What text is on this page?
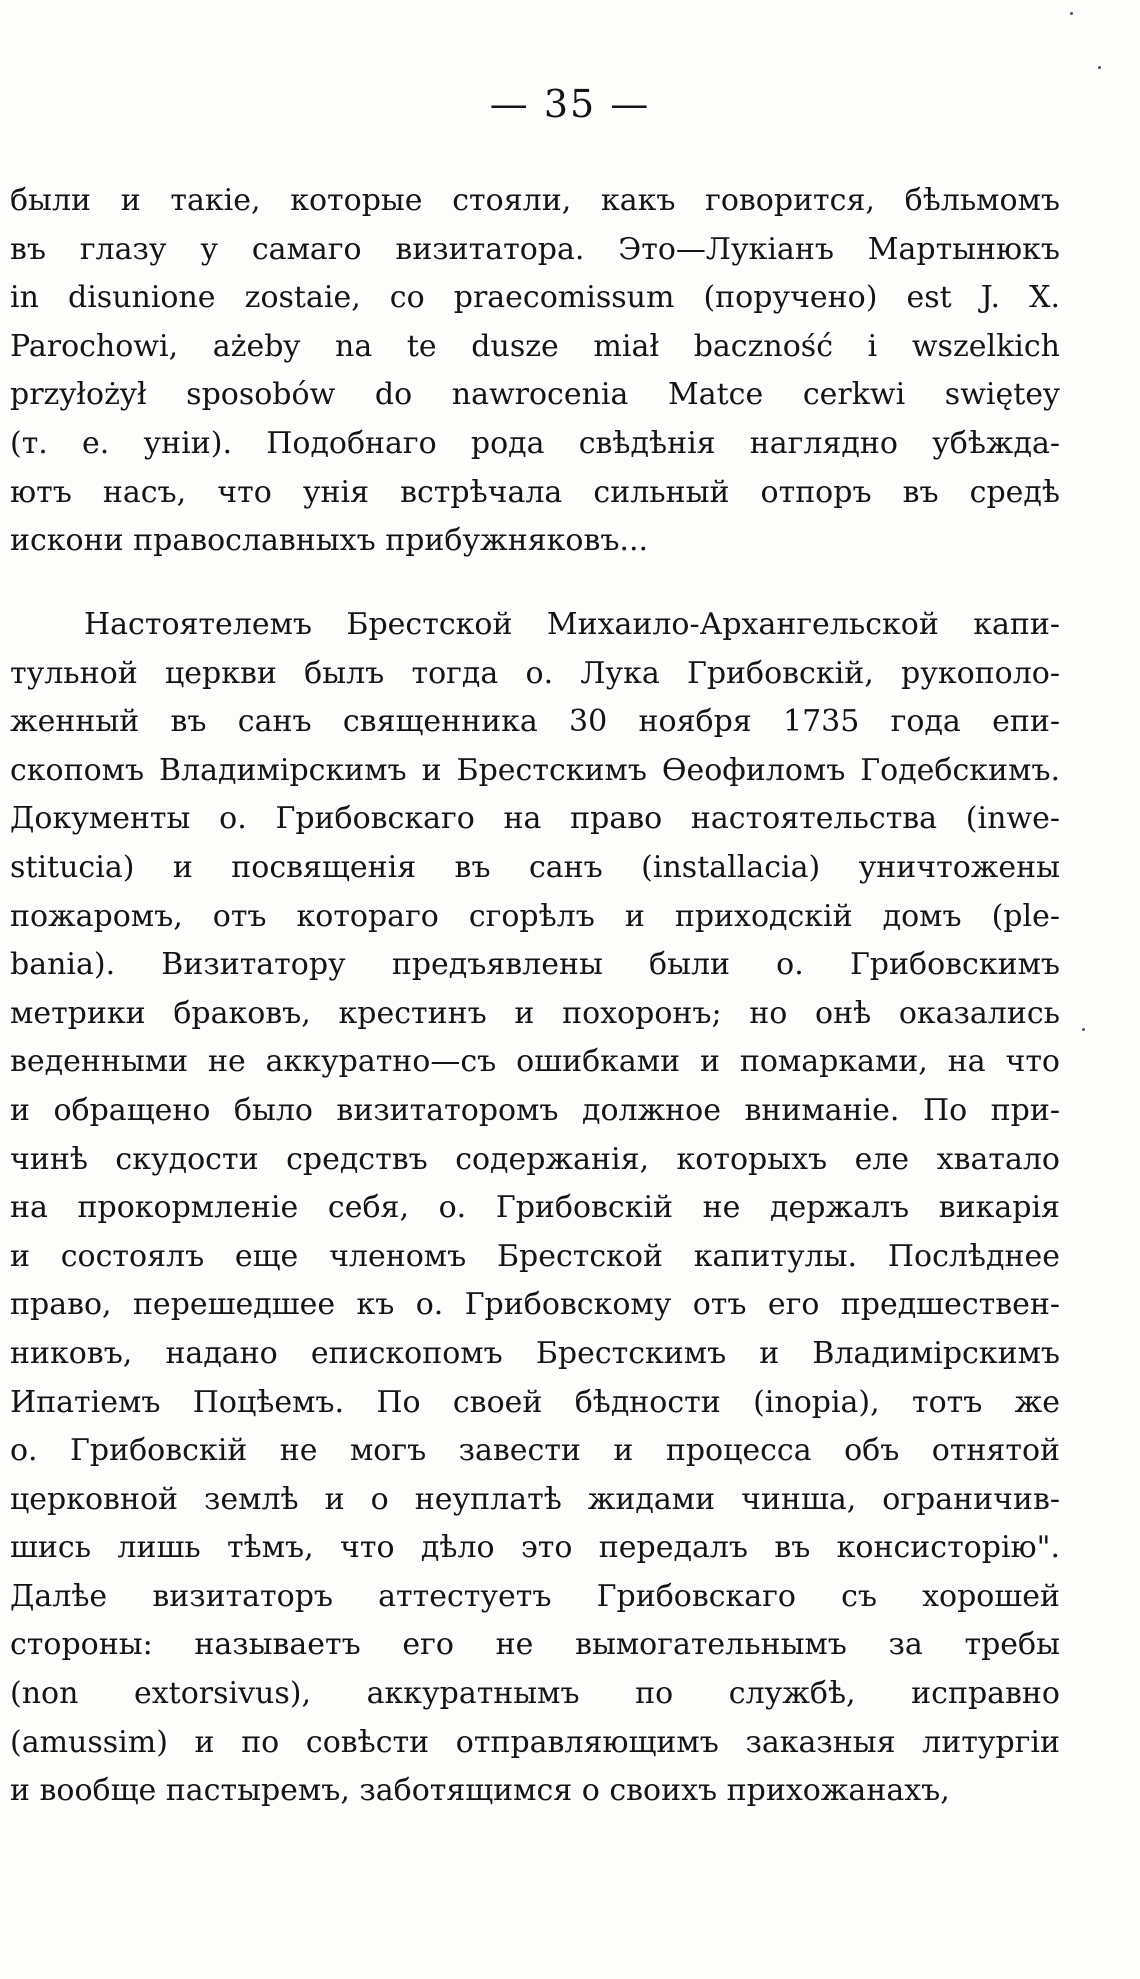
— 35 —
были и такіе, которые стояли, какъ говорится, бѣльмомъ
въ глазу у самаго визитатора. Это—Лукіанъ Мартынюкъ
in disunione zostaie, co praecomissum (поручено) est J. X.
Parochowi, ażeby na te dusze miał baczność i wszelkich
przyłożył sposobów do nawrocenia Matce cerkwi swiętey
(т. е. уніи). Подобнаго рода свѣдѣнія наглядно убѣжда-
ютъ насъ, что унія встрѣчала сильный отпоръ въ средѣ
искони православныхъ прибужняковъ...
Настоятелемъ Брестской Михаило-Архангельской капи-
тульной церкви былъ тогда о. Лука Грибовскій, рукополо-
женный въ санъ священника 30 ноября 1735 года епи-
скопомъ Владимірскимъ и Брестскимъ Өеофиломъ Годебскимъ.
Документы о. Грибовскаго на право настоятельства (inwe-
stitucia) и посвященія въ санъ (installacia) уничтожены
пожаромъ, отъ котораго сгорѣлъ и приходскій домъ (ple-
bania). Визитатору предъявлены были о. Грибовскимъ
метрики браковъ, крестинъ и похоронъ; но онѣ оказались
веденными не аккуратно—съ ошибками и помарками, на что
и обращено было визитаторомъ должное вниманіе. По при-
чинѣ скудости средствъ содержанія, которыхъ еле хватало
на прокормленіе себя, о. Грибовскій не держалъ викарія
и состоялъ еще членомъ Брестской капитулы. Послѣднее
право, перешедшее къ о. Грибовскому отъ его предшествен-
никовъ, надано епископомъ Брестскимъ и Владимірскимъ
Ипатіемъ Поцѣемъ. По своей бѣдности (inopia), тотъ же
о. Грибовскій не могъ завести и процесса объ отнятой
церковной землѣ и о неуплатѣ жидами чинша, ограничив-
шись лишь тѣмъ, что дѣло это передалъ въ консисторію".
Далѣе визитаторъ аттестуетъ Грибовскаго съ хорошей
стороны: называетъ его не вымогательнымъ за требы
(non extorsivus), аккуратнымъ по службѣ, исправно
(amussim) и по совѣсти отправляющимъ заказныя литургіи
и вообще пастыремъ, заботящимся о своихъ прихожанахъ,
